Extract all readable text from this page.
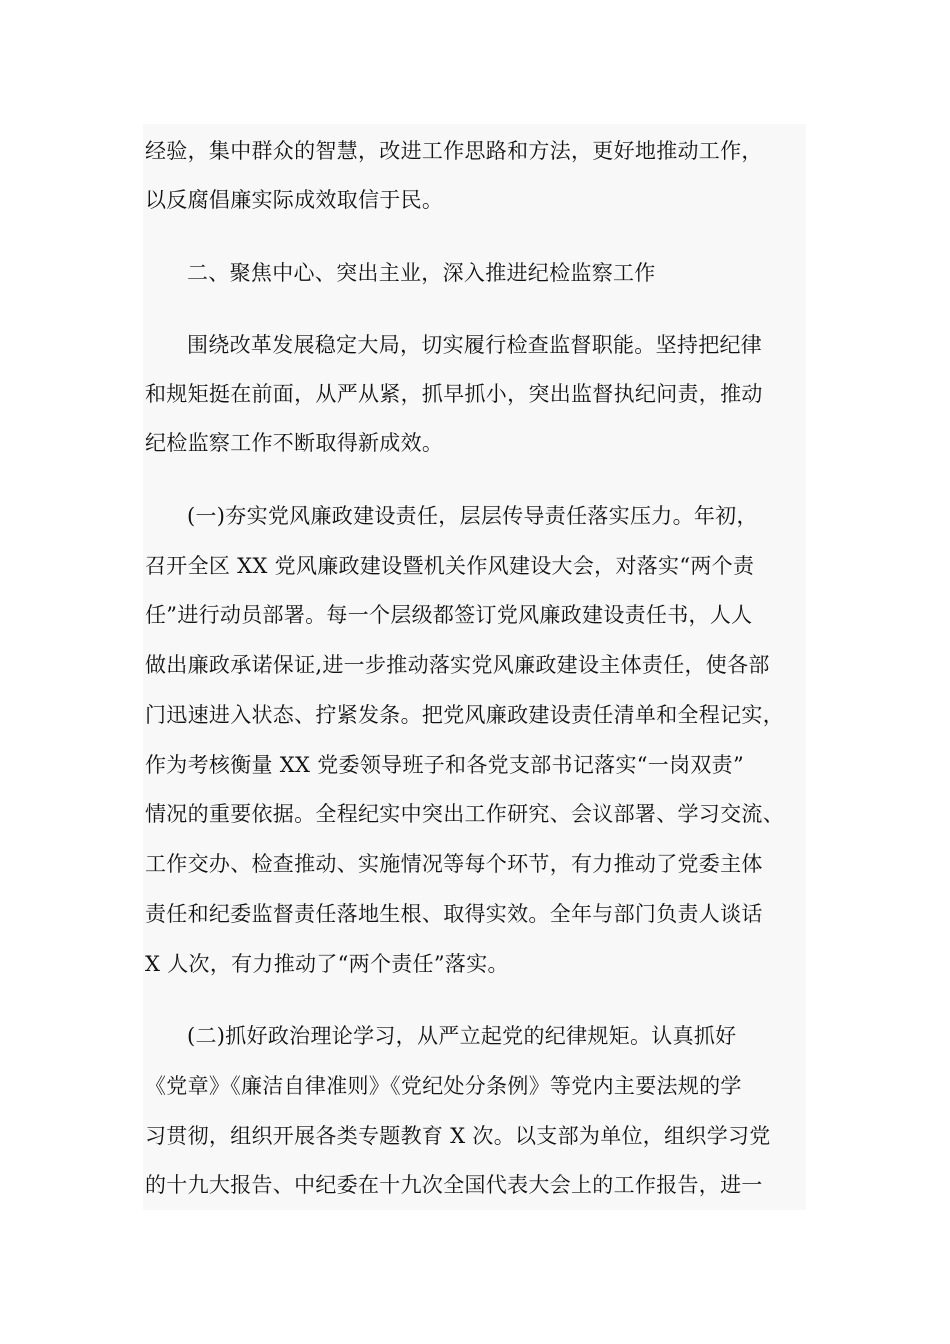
经验，集中群众的智慧，改进工作思路和方法，更好地推动工作，
以反腐倡廉实际成效取信于民。
二、聚焦中心、突出主业，深入推进纪检监察工作
围绕改革发展稳定大局，切实履行检查监督职能。坚持把纪律
和规矩挺在前面，从严从紧，抓早抓小，突出监督执纪问责，推动
纪检监察工作不断取得新成效。
(一)夯实党风廉政建设责任，层层传导责任落实压力。年初，
召开全区 XX 党风廉政建设暨机关作风建设大会，对落实“两个责
任”进行动员部署。每一个层级都签订党风廉政建设责任书，人人
做出廉政承诺保证,进一步推动落实党风廉政建设主体责任，使各部
门迅速进入状态、拧紧发条。把党风廉政建设责任清单和全程记实，
作为考核衡量 XX 党委领导班子和各党支部书记落实“一岗双责”
情况的重要依据。全程纪实中突出工作研究、会议部署、学习交流、
工作交办、检查推动、实施情况等每个环节，有力推动了党委主体
责任和纪委监督责任落地生根、取得实效。全年与部门负责人谈话
X 人次，有力推动了“两个责任”落实。
(二)抓好政治理论学习，从严立起党的纪律规矩。认真抓好
《党章》《廉洁自律准则》《党纪处分条例》等党内主要法规的学
习贯彻，组织开展各类专题教育 X 次。以支部为单位，组织学习党
的十九大报告、中纪委在十九次全国代表大会上的工作报告，进一
